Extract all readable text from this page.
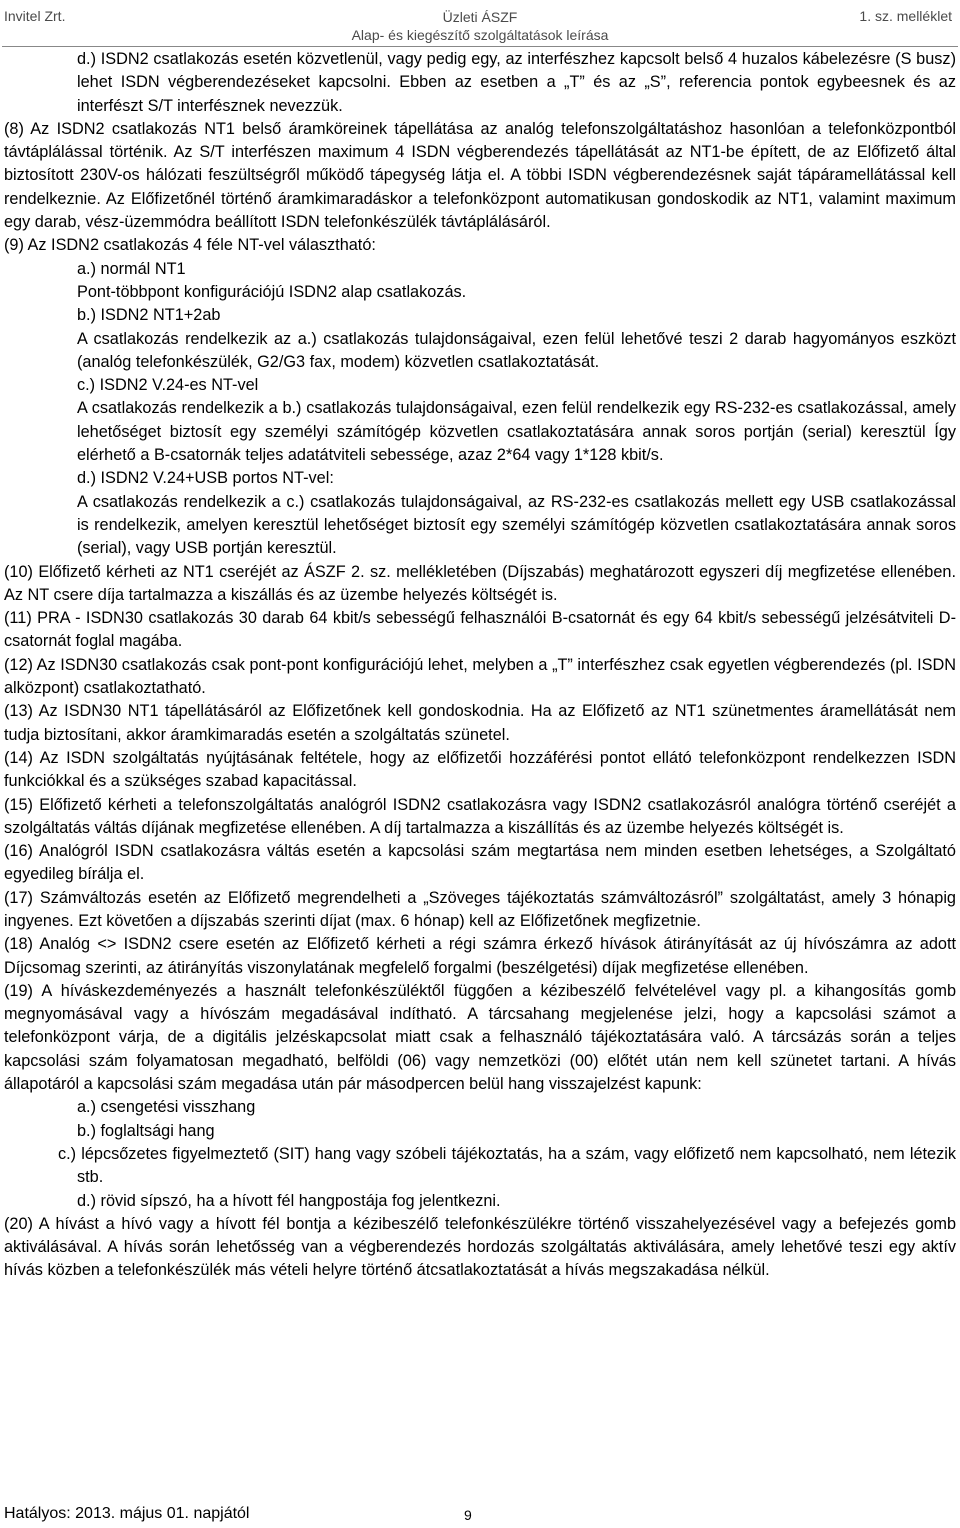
Invitel Zrt.	Üzleti ÁSZF
Alap- és kiegészítő szolgáltatások leírása
1. sz. melléklet

d.) ISDN2 csatlakozás esetén közvetlenül, vagy pedig egy, az interfészhez kapcsolt belső 4 huzalos kábelezésre (S busz) lehet ISDN végberendezéseket kapcsolni. Ebben az esetben a „T” és az „S”, referencia pontok egybeesnek és az interfészt S/T interfésznek nevezzük.

(8) Az ISDN2 csatlakozás NT1 belső áramköreinek tápellátása az analóg telefonszolgáltatáshoz hasonlóan a telefonközpontból távtáplálással történik. Az S/T interfészen maximum 4 ISDN végberendezés tápellátását az NT1-be épített, de az Előfizető által biztosított 230V-os hálózati feszültségről működő tápegység látja el. A többi ISDN végberendezésnek saját tápáramellátással kell rendelkeznie. Az Előfizetőnél történő áramkimaradáskor a telefonközpont automatikusan gondoskodik az NT1, valamint maximum egy darab, vész-üzemmódra beállított ISDN telefonkészülék távtáplálásáról.

(9) Az ISDN2 csatlakozás 4 féle NT-vel választható:

a.) normál NT1

Pont-többpont konfigurációjú ISDN2 alap csatlakozás.

b.) ISDN2 NT1+2ab

A csatlakozás rendelkezik az a.) csatlakozás tulajdonságaival, ezen felül lehetővé teszi 2 darab hagyományos eszközt (analóg telefonkészülék, G2/G3 fax, modem) közvetlen csatlakoztatását.

c.) ISDN2 V.24-es NT-vel

A csatlakozás rendelkezik a b.) csatlakozás tulajdonságaival, ezen felül rendelkezik egy RS-232-es csatlakozással, amely lehetőséget biztosít egy személyi számítógép közvetlen csatlakoztatására annak soros portján (serial) keresztül Így elérhető a B-csatornák teljes adatátviteli sebessége, azaz 2*64 vagy 1*128 kbit/s.

d.) ISDN2 V.24+USB portos NT-vel:

A csatlakozás rendelkezik a c.) csatlakozás tulajdonságaival, az RS-232-es csatlakozás mellett egy USB csatlakozással is rendelkezik, amelyen keresztül lehetőséget biztosít egy személyi számítógép közvetlen csatlakoztatására annak soros (serial), vagy USB portján keresztül.

(10) Előfizető kérheti az NT1 cseréjét az ÁSZF 2. sz. mellékletében (Díjszabás) meghatározott egyszeri díj megfizetése ellenében. Az NT csere díja tartalmazza a kiszállás és az üzembe helyezés költségét is.

(11) PRA - ISDN30 csatlakozás 30 darab 64 kbit/s sebességű felhasználói B-csatornát és egy 64 kbit/s sebességű jelzésátviteli D-csatornát foglal magába.

(12) Az ISDN30 csatlakozás csak pont-pont konfigurációjú lehet, melyben a „T” interfészhez csak egyetlen végberendezés (pl. ISDN alközpont) csatlakoztatható.

(13) Az ISDN30 NT1 tápellátásáról az Előfizetőnek kell gondoskodnia. Ha az Előfizető az NT1 szünetmentes áramellátását nem tudja biztosítani, akkor áramkimaradás esetén a szolgáltatás szünetel.

(14) Az ISDN szolgáltatás nyújtásának feltétele, hogy az előfizetői hozzáférési pontot ellátó telefonközpont rendelkezzen ISDN funkciókkal és a szükséges szabad kapacitással.

(15) Előfizető kérheti a telefonszolgáltatás analógról ISDN2 csatlakozásra vagy ISDN2 csatlakozásról analógra történő cseréjét a szolgáltatás váltás díjának megfizetése ellenében. A díj tartalmazza a kiszállítás és az üzembe helyezés költségét is.

(16) Analógról ISDN csatlakozásra váltás esetén a kapcsolási szám megtartása nem minden esetben lehetséges, a Szolgáltató egyedileg bírálja el.

(17) Számváltozás esetén az Előfizető megrendelheti a „Szöveges tájékoztatás számváltozásról” szolgáltatást, amely 3 hónapig ingyenes. Ezt követően a díjszabás szerinti díjat (max. 6 hónap) kell az Előfizetőnek megfizetnie.

(18) Analóg <> ISDN2 csere esetén az Előfizető kérheti a régi számra érkező hívások átirányítását az új hívószámra az adott Díjcsomag szerinti, az átirányítás viszonylatának megfelelő forgalmi (beszélgetési) díjak megfizetése ellenében.

(19) A híváskezdeményezés a használt telefonkészüléktől függően a kézibeszélő felvételével vagy pl. a kihangosítás gomb megnyomásával vagy a hívószám megadásával indítható. A tárcsahang megjelenése jelzi, hogy a kapcsolási számot a telefonközpont várja, de a digitális jelzéskapcsolat miatt csak a felhasználó tájékoztatására való. A tárcsázás során a teljes kapcsolási szám folyamatosan megadható, belföldi (06) vagy nemzetközi (00) előtét után nem kell szünetet tartani. A hívás állapotáról a kapcsolási szám megadása után pár másodpercen belül hang visszajelzést kapunk:

a.) csengetési visszhang

b.) foglaltsági hang

c.) lépcsőzetes figyelmeztető (SIT) hang vagy szóbeli tájékoztatás, ha a szám, vagy előfizető nem kapcsolható, nem létezik stb.

d.) rövid sípszó, ha a hívott fél hangpostája fog jelentkezni.

(20) A hívást a hívó vagy a hívott fél bontja a kézibeszélő telefonkészülékre történő visszahelyezésével vagy a befejezés gomb aktiválásával. A hívás során lehetősség van a végberendezés hordozás szolgáltatás aktiválására, amely lehetővé teszi egy aktív hívás közben a telefonkészülék más vételi helyre történő átcsatlakoztatását a hívás megszakadása nélkül.

Hatályos: 2013. május 01. napjától	9
